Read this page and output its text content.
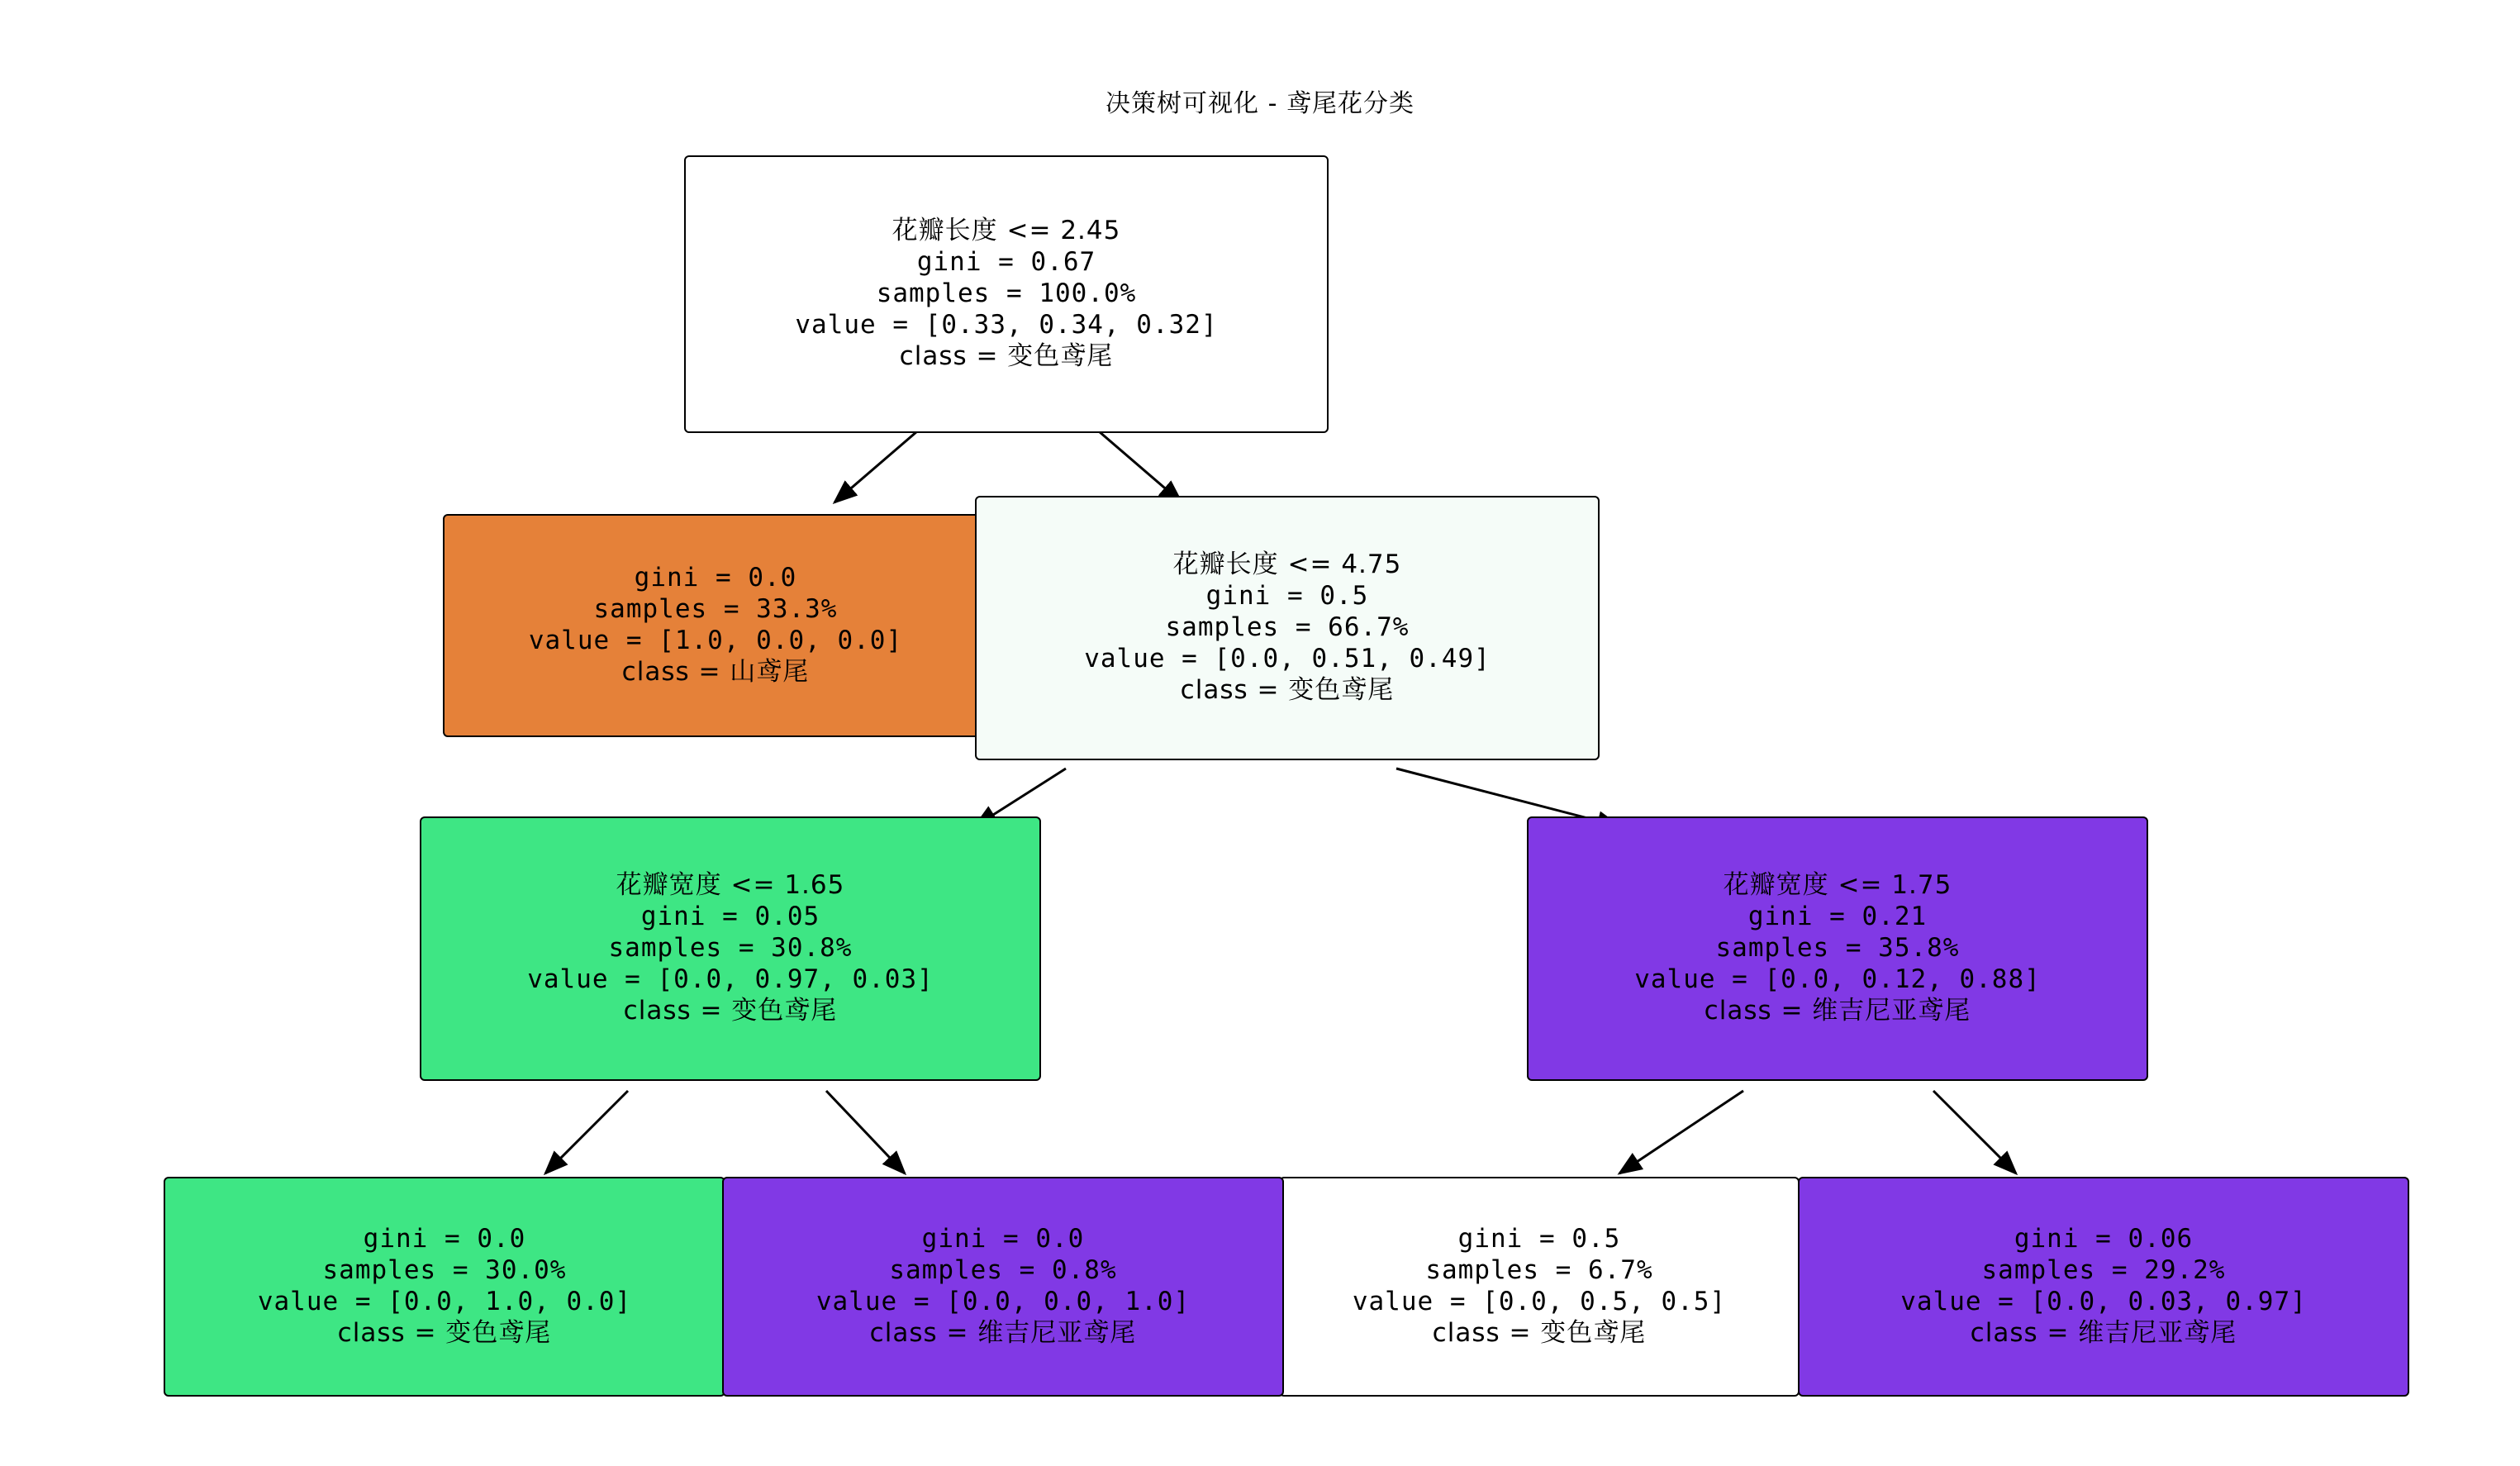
决策树可视化 - 鸢尾花分类
花瓣长度 <= 2.45
gini = 0.67
samples = 100.0%
value = [0.33, 0.34, 0.32]
class = 变色鸢尾
gini = 0.0
samples = 33.3%
value = [1.0, 0.0, 0.0]
class = 山鸢尾
花瓣长度 <= 4.75
gini = 0.5
samples = 66.7%
value = [0.0, 0.51, 0.49]
class = 变色鸢尾
花瓣宽度 <= 1.65
gini = 0.05
samples = 30.8%
value = [0.0, 0.97, 0.03]
class = 变色鸢尾
花瓣宽度 <= 1.75
gini = 0.21
samples = 35.8%
value = [0.0, 0.12, 0.88]
class = 维吉尼亚鸢尾
gini = 0.0
samples = 30.0%
value = [0.0, 1.0, 0.0]
class = 变色鸢尾
gini = 0.0
samples = 0.8%
value = [0.0, 0.0, 1.0]
class = 维吉尼亚鸢尾
gini = 0.5
samples = 6.7%
value = [0.0, 0.5, 0.5]
class = 变色鸢尾
gini = 0.06
samples = 29.2%
value = [0.0, 0.03, 0.97]
class = 维吉尼亚鸢尾
